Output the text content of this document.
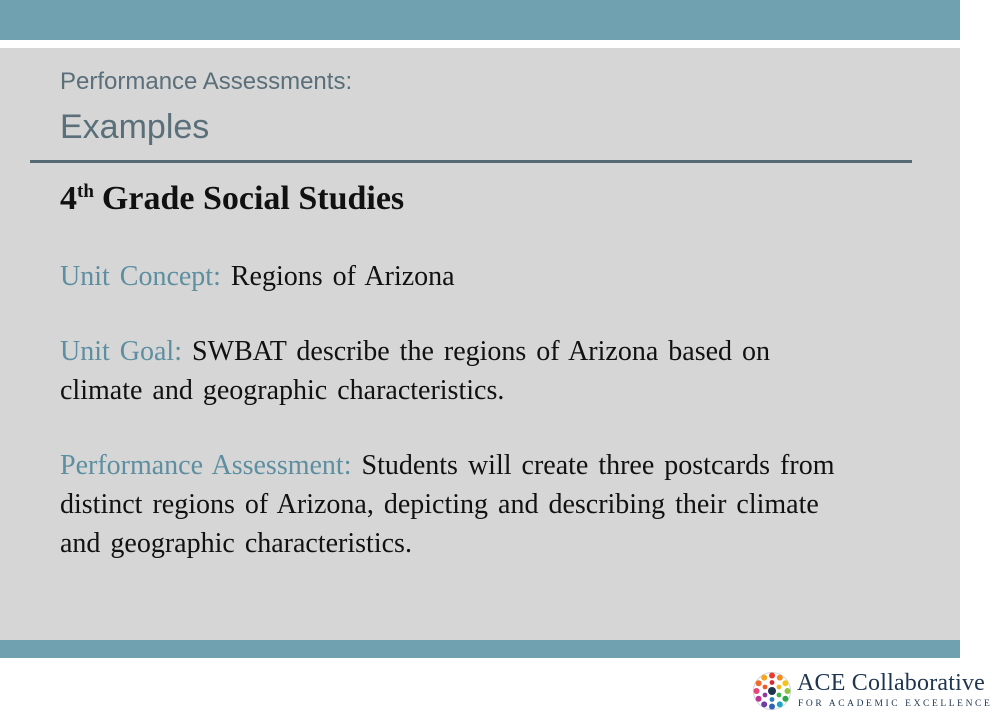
Performance Assessments:
Examples
4th Grade Social Studies
Unit Concept: Regions of Arizona
Unit Goal: SWBAT describe the regions of Arizona based on climate and geographic characteristics.
Performance Assessment: Students will create three postcards from distinct regions of Arizona, depicting and describing their climate and geographic characteristics.
ACE Collaborative
FOR ACADEMIC EXCELLENCE
